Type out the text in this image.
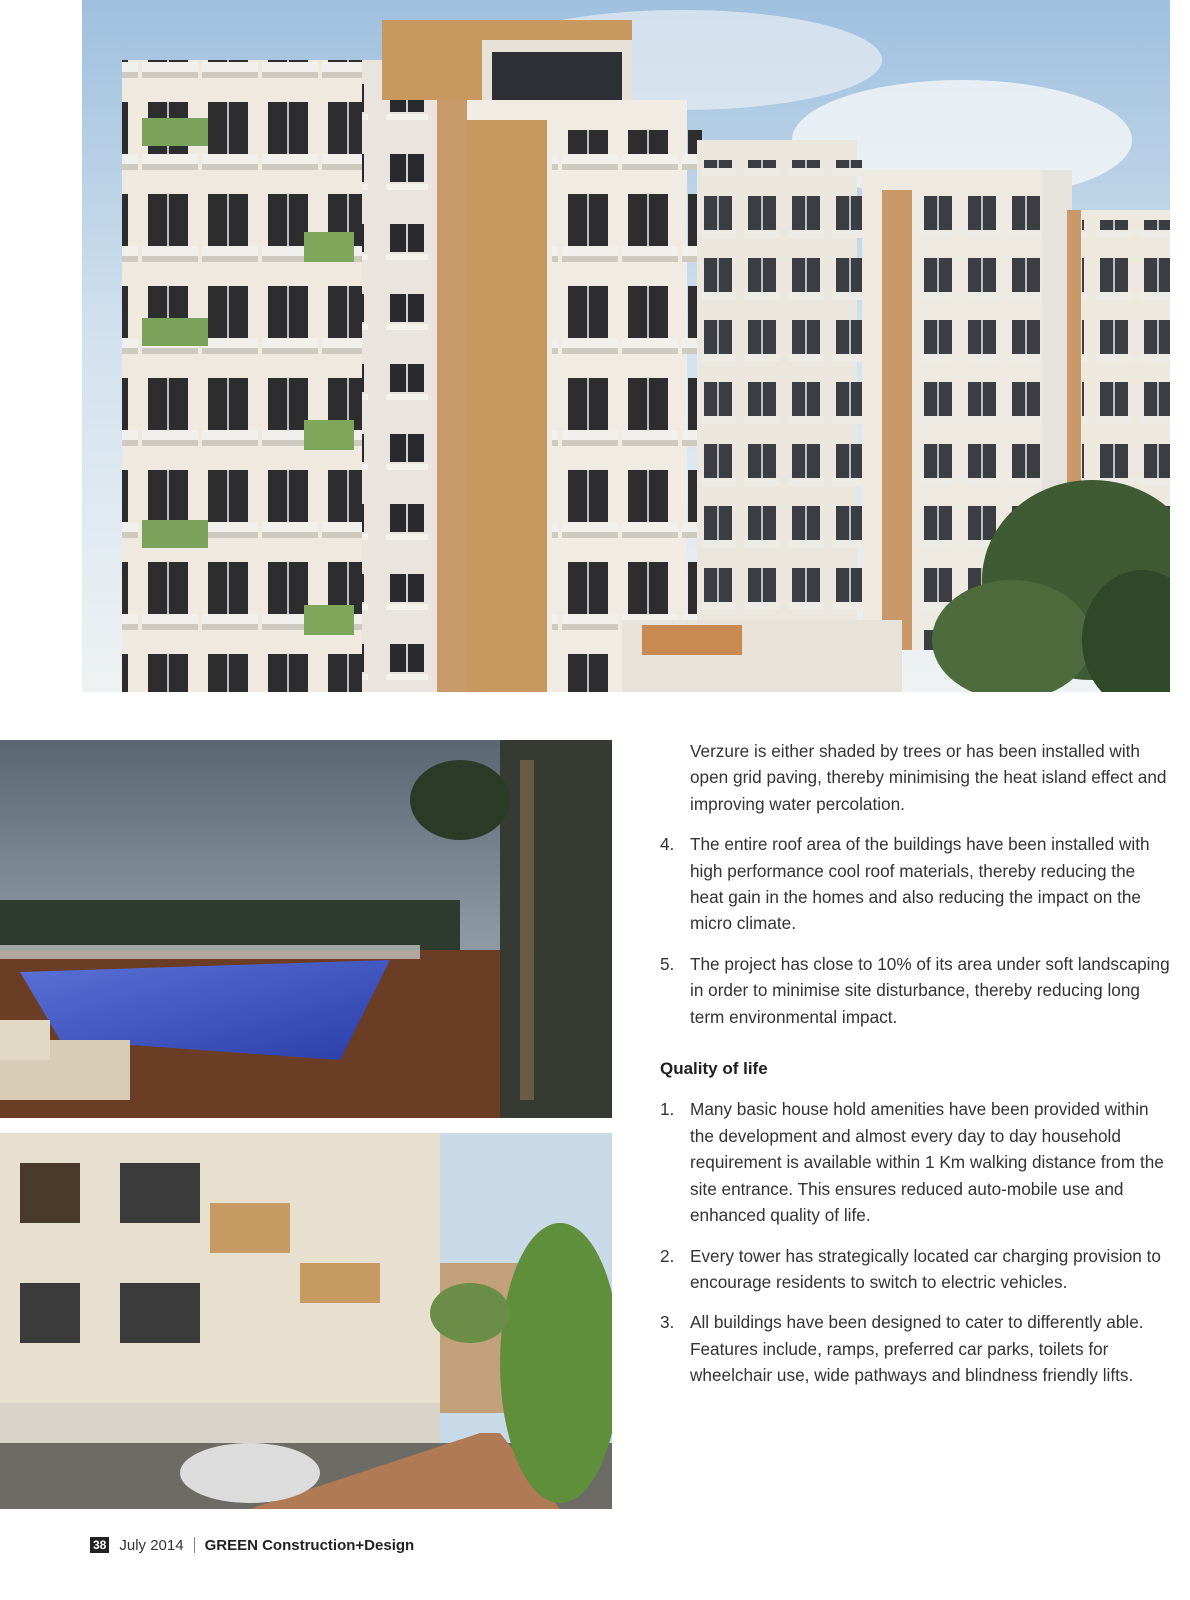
Verzure is either shaded by trees or has been installed with open grid paving, thereby minimising the heat island effect and improving water percolation.

4. The entire roof area of the buildings have been installed with high performance cool roof materials, thereby reducing the heat gain in the homes and also reducing the impact on the micro climate.
5. The project has close to 10% of its area under soft landscaping in order to minimise site disturbance, thereby reducing long term environmental impact.
Quality of life
1. Many basic house hold amenities have been provided within the development and almost every day to day household requirement is available within 1 Km walking distance from the site entrance. This ensures reduced auto-mobile use and enhanced quality of life.
2. Every tower has strategically located car charging provision to encourage residents to switch to electric vehicles.
3. All buildings have been designed to cater to differently able. Features include, ramps, preferred car parks, toilets for wheelchair use, wide pathways and blindness friendly lifts.
38 July 2014 GREEN Construction+Design
